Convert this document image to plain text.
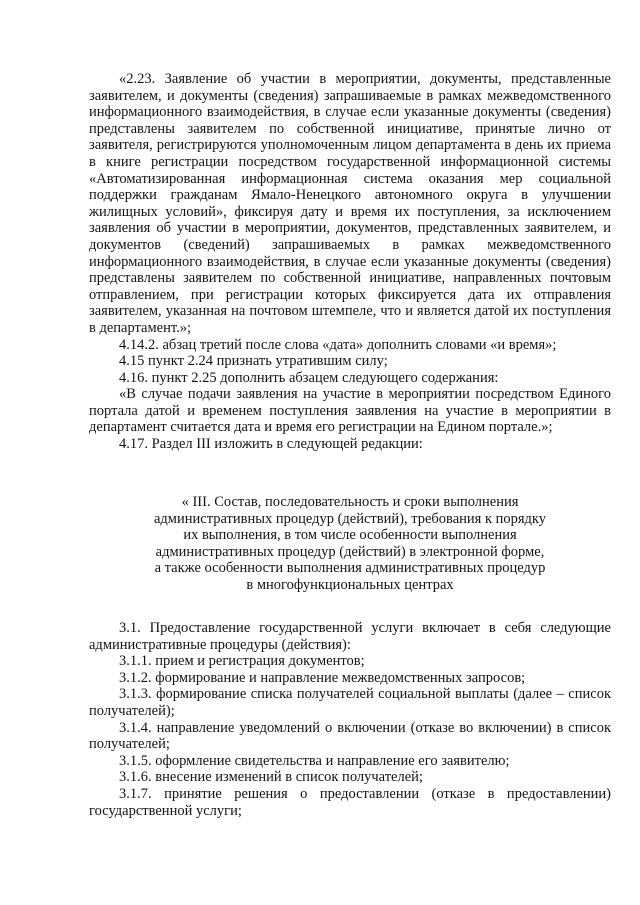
«2.23. Заявление об участии в мероприятии, документы, представленные заявителем, и документы (сведения) запрашиваемые в рамках межведомственного информационного взаимодействия, в случае если указанные документы (сведения) представлены заявителем по собственной инициативе, принятые лично от заявителя, регистрируются уполномоченным лицом департамента в день их приема в книге регистрации посредством государственной информационной системы «Автоматизированная информационная система оказания мер социальной поддержки гражданам Ямало-Ненецкого автономного округа в улучшении жилищных условий», фиксируя дату и время их поступления, за исключением заявления об участии в мероприятии, документов, представленных заявителем, и документов (сведений) запрашиваемых в рамках межведомственного информационного взаимодействия, в случае если указанные документы (сведения) представлены заявителем по собственной инициативе, направленных почтовым отправлением, при регистрации которых фиксируется дата их отправления заявителем, указанная на почтовом штемпеле, что и является датой их поступления в департамент.»;

4.14.2. абзац третий после слова «дата» дополнить словами «и время»;

4.15 пункт 2.24 признать утратившим силу;

4.16. пункт 2.25 дополнить абзацем следующего содержания:

«В случае подачи заявления на участие в мероприятии посредством Единого портала датой и временем поступления заявления на участие в мероприятии в департамент считается дата и время его регистрации на Едином портале.»;

4.17. Раздел III изложить в следующей редакции:

« III. Состав, последовательность и сроки выполнения
административных процедур (действий), требования к порядку
их выполнения, в том числе особенности выполнения
административных процедур (действий) в электронной форме,
а также особенности выполнения административных процедур
в многофункциональных центрах

3.1. Предоставление государственной услуги включает в себя следующие административные процедуры (действия):

3.1.1. прием и регистрация документов;

3.1.2. формирование и направление межведомственных запросов;

3.1.3. формирование списка получателей социальной выплаты (далее – список получателей);

3.1.4. направление уведомлений о включении (отказе во включении) в список получателей;

3.1.5. оформление свидетельства и направление его заявителю;

3.1.6. внесение изменений в список получателей;

3.1.7. принятие решения о предоставлении (отказе в предоставлении) государственной услуги;
